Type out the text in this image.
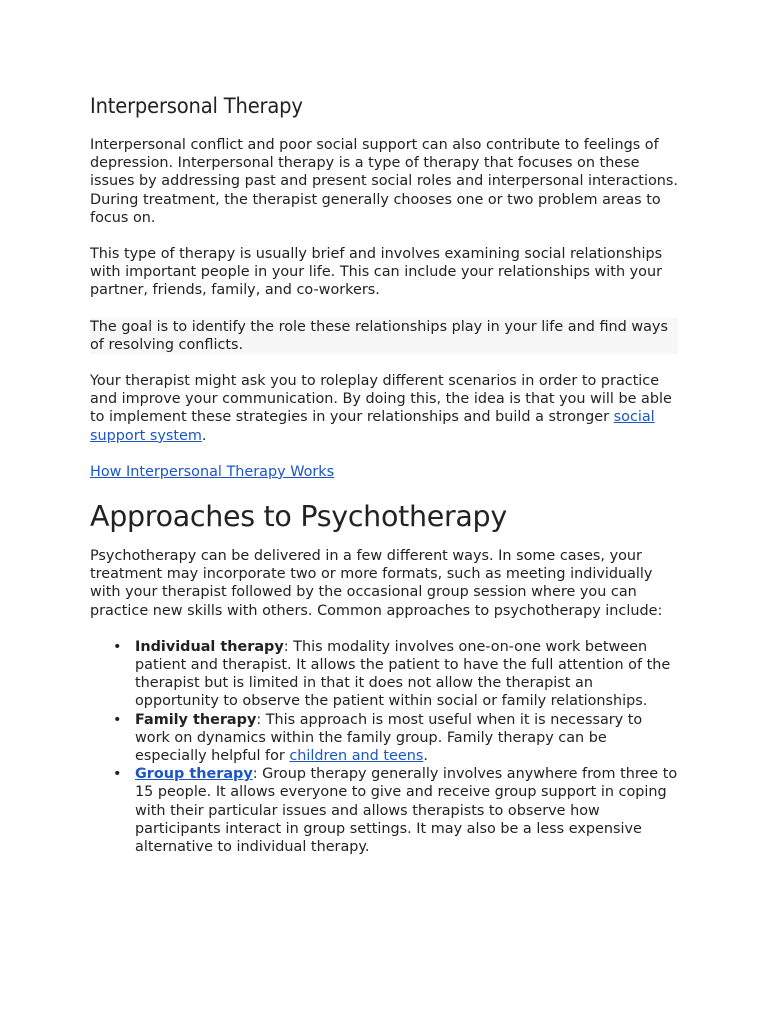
Interpersonal Therapy

Interpersonal conflict and poor social support can also contribute to feelings of depression. Interpersonal therapy is a type of therapy that focuses on these issues by addressing past and present social roles and interpersonal interactions. During treatment, the therapist generally chooses one or two problem areas to focus on.

This type of therapy is usually brief and involves examining social relationships with important people in your life. This can include your relationships with your partner, friends, family, and co-workers.

The goal is to identify the role these relationships play in your life and find ways of resolving conflicts.

Your therapist might ask you to roleplay different scenarios in order to practice and improve your communication. By doing this, the idea is that you will be able to implement these strategies in your relationships and build a stronger social support system.

How Interpersonal Therapy Works

Approaches to Psychotherapy

Psychotherapy can be delivered in a few different ways. In some cases, your treatment may incorporate two or more formats, such as meeting individually with your therapist followed by the occasional group session where you can practice new skills with others. Common approaches to psychotherapy include:

• Individual therapy: This modality involves one-on-one work between patient and therapist. It allows the patient to have the full attention of the therapist but is limited in that it does not allow the therapist an opportunity to observe the patient within social or family relationships.
• Family therapy: This approach is most useful when it is necessary to work on dynamics within the family group. Family therapy can be especially helpful for children and teens.
• Group therapy: Group therapy generally involves anywhere from three to 15 people. It allows everyone to give and receive group support in coping with their particular issues and allows therapists to observe how participants interact in group settings. It may also be a less expensive alternative to individual therapy.
